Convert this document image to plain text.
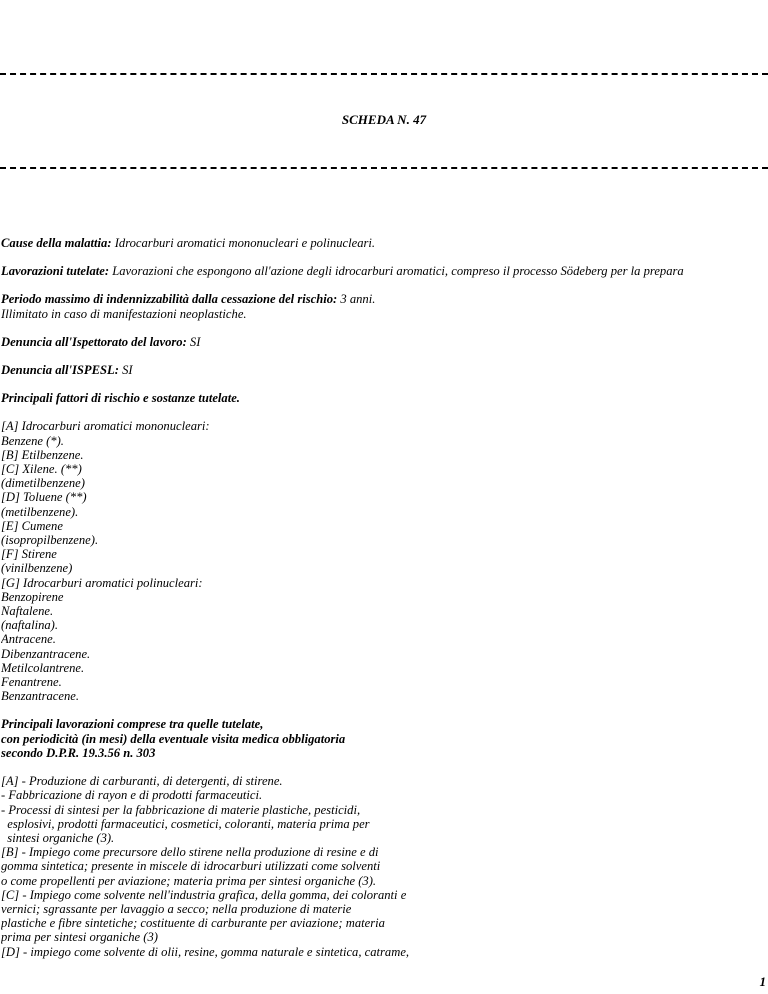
SCHEDA N. 47
Cause della malattia: Idrocarburi aromatici mononucleari e polinucleari.
Lavorazioni tutelate: Lavorazioni che espongono all'azione degli idrocarburi aromatici, compreso il processo Södeberg per la prepara
Periodo massimo di indennizzabilità dalla cessazione del rischio: 3 anni.
Illimitato in caso di manifestazioni neoplastiche.
Denuncia all'Ispettorato del lavoro: SI
Denuncia all'ISPESL: SI
Principali fattori di rischio e sostanze tutelate.
[A] Idrocarburi aromatici mononucleari:
Benzene (*).
[B] Etilbenzene.
[C] Xilene. (**)
(dimetilbenzene)
[D] Toluene (**)
(metilbenzene).
[E] Cumene
(isopropilbenzene).
[F] Stirene
(vinilbenzene)
[G] Idrocarburi aromatici polinucleari:
Benzopirene
Naftalene.
(naftalina).
Antracene.
Dibenzantracene.
Metilcolantrene.
Fenantrene.
Benzantracene.
Principali lavorazioni comprese tra quelle tutelate,
con periodicità (in mesi) della eventuale visita medica obbligatoria
secondo D.P.R. 19.3.56 n. 303
[A] - Produzione di carburanti, di detergenti, di stirene.
- Fabbricazione di rayon e di prodotti farmaceutici.
- Processi di sintesi per la fabbricazione di materie plastiche, pesticidi,
esplosivi, prodotti farmaceutici, cosmetici, coloranti, materia prima per
sintesi organiche (3).
[B] - Impiego come precursore dello stirene nella produzione di resine e di
gomma sintetica; presente in miscele di idrocarburi utilizzati come solventi
o come propellenti per aviazione; materia prima per sintesi organiche (3).
[C] - Impiego come solvente nell'industria grafica, della gomma, dei coloranti e
vernici; sgrassante per lavaggio a secco; nella produzione di materie
plastiche e fibre sintetiche; costituente di carburante per aviazione; materia
prima per sintesi organiche (3)
[D] - impiego come solvente di olii, resine, gomma naturale e sintetica, catrame,
1
